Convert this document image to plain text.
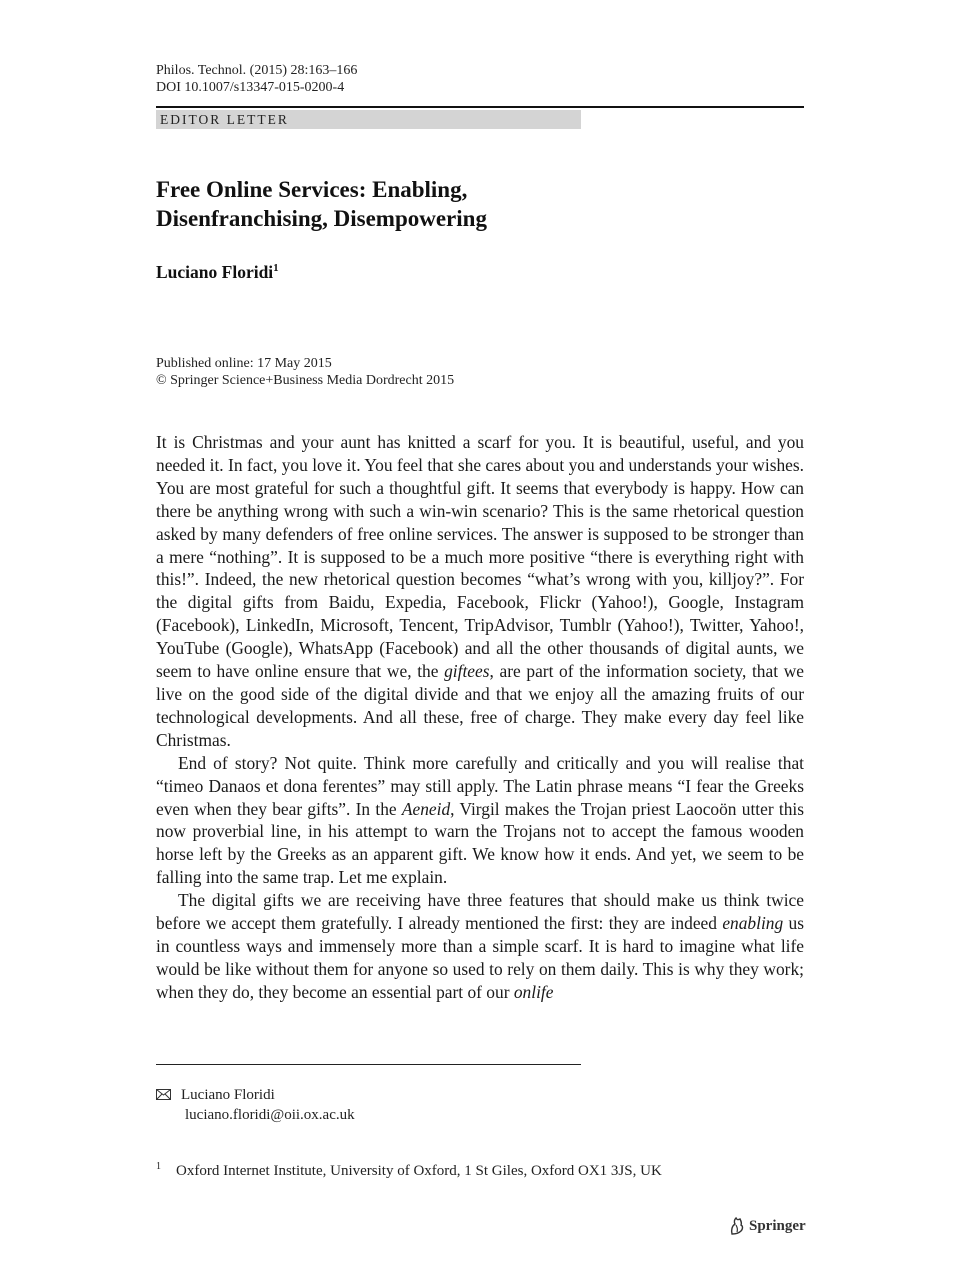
Philos. Technol. (2015) 28:163–166
DOI 10.1007/s13347-015-0200-4
EDITOR LETTER
Free Online Services: Enabling,
Disenfranchising, Disempowering
Luciano Floridi$^1$
Published online: 17 May 2015
© Springer Science+Business Media Dordrecht 2015

It is Christmas and your aunt has knitted a scarf for you. It is beautiful, useful, and you needed it. In fact, you love it. You feel that she cares about you and understands your wishes. You are most grateful for such a thoughtful gift. It seems that everybody is happy. How can there be anything wrong with such a win-win scenario? This is the same rhetorical question asked by many defenders of free online services. The answer is supposed to be stronger than a mere “nothing”. It is supposed to be a much more positive “there is everything right with this!”. Indeed, the new rhetorical question becomes “what’s wrong with you, killjoy?”. For the digital gifts from Baidu, Expedia, Facebook, Flickr (Yahoo!), Google, Instagram (Facebook), LinkedIn, Microsoft, Tencent, TripAdvisor, Tumblr (Yahoo!), Twitter, Yahoo!, YouTube (Google), WhatsApp (Facebook) and all the other thousands of digital aunts, we seem to have online ensure that we, the giftees, are part of the information society, that we live on the good side of the digital divide and that we enjoy all the amazing fruits of our technological developments. And all these, free of charge. They make every day feel like Christmas.

End of story? Not quite. Think more carefully and critically and you will realise that “timeo Danaos et dona ferentes” may still apply. The Latin phrase means “I fear the Greeks even when they bear gifts”. In the Aeneid, Virgil makes the Trojan priest Laocoön utter this now proverbial line, in his attempt to warn the Trojans not to accept the famous wooden horse left by the Greeks as an apparent gift. We know how it ends. And yet, we seem to be falling into the same trap. Let me explain.

The digital gifts we are receiving have three features that should make us think twice before we accept them gratefully. I already mentioned the first: they are indeed enabling us in countless ways and immensely more than a simple scarf. It is hard to imagine what life would be like without them for anyone so used to rely on them daily. This is why they work; when they do, they become an essential part of our onlife

Luciano Floridi
luciano.floridi@oii.ox.ac.uk
$^1$ Oxford Internet Institute, University of Oxford, 1 St Giles, Oxford OX1 3JS, UK
Springer
